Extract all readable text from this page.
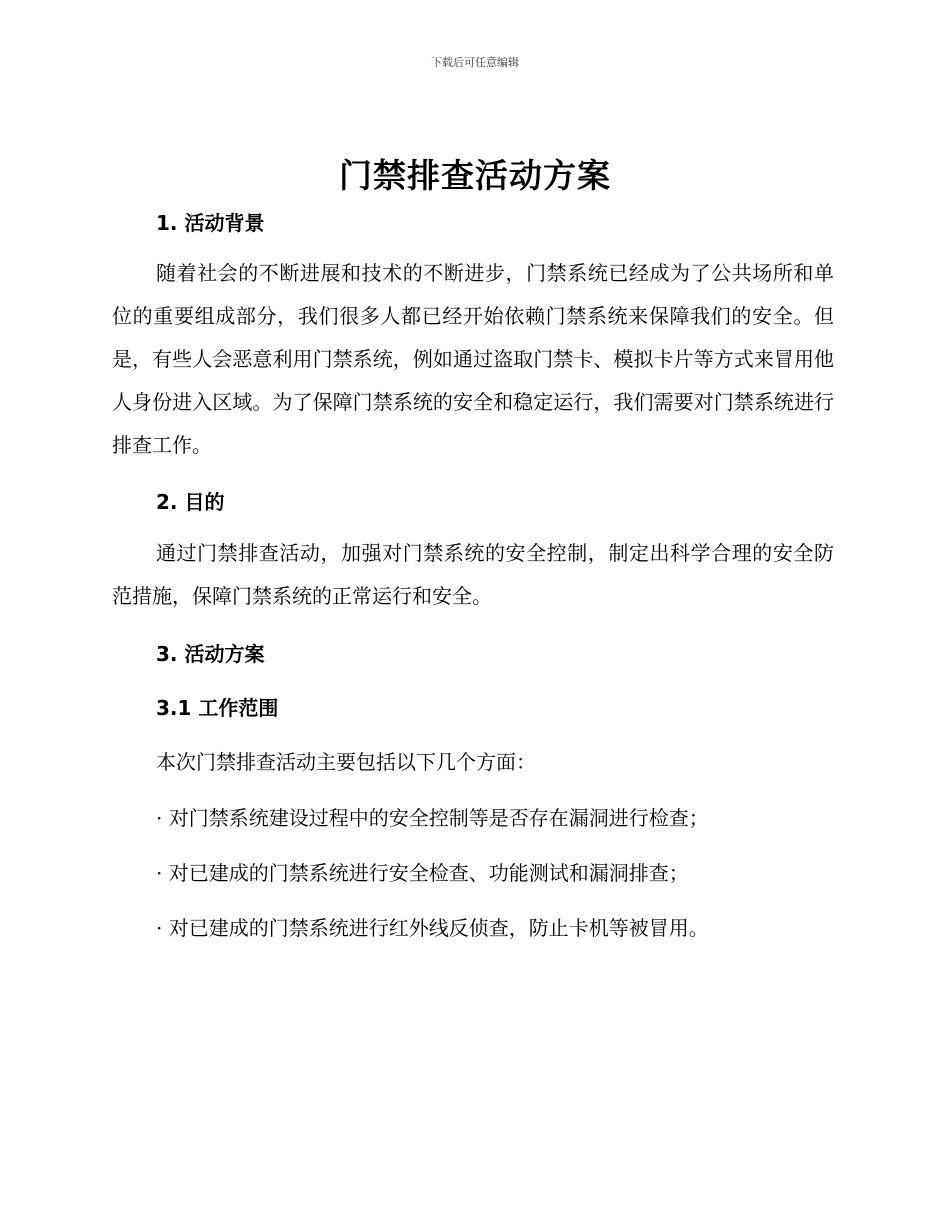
下载后可任意编辑
门禁排查活动方案
1. 活动背景
随着社会的不断进展和技术的不断进步，门禁系统已经成为了公共场所和单位的重要组成部分，我们很多人都已经开始依赖门禁系统来保障我们的安全。但是，有些人会恶意利用门禁系统，例如通过盗取门禁卡、模拟卡片等方式来冒用他人身份进入区域。为了保障门禁系统的安全和稳定运行，我们需要对门禁系统进行排查工作。
2. 目的
通过门禁排查活动，加强对门禁系统的安全控制，制定出科学合理的安全防范措施，保障门禁系统的正常运行和安全。
3. 活动方案
3.1 工作范围
本次门禁排查活动主要包括以下几个方面：
· 对门禁系统建设过程中的安全控制等是否存在漏洞进行检查；
· 对已建成的门禁系统进行安全检查、功能测试和漏洞排查；
· 对已建成的门禁系统进行红外线反侦查，防止卡机等被冒用。
